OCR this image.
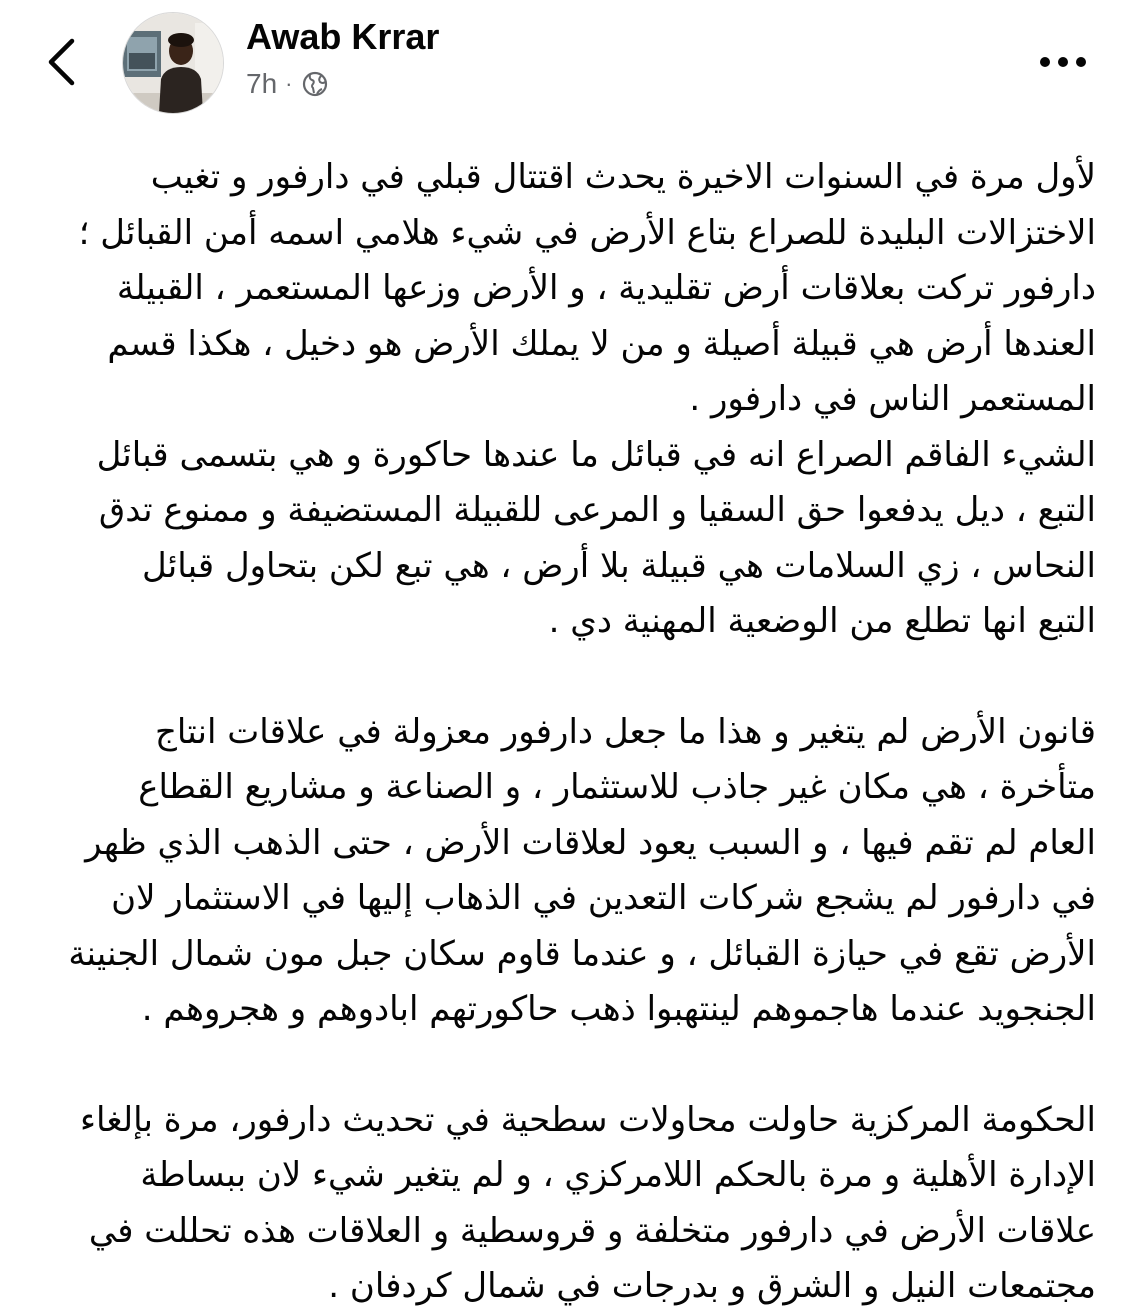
Awab Krrar
7h ·

لأول مرة في السنوات الاخيرة يحدث اقتتال قبلي في دارفور و تغيب
الاختزالات البليدة للصراع بتاع الأرض في شيء هلامي اسمه أمن القبائل ؛
دارفور تركت بعلاقات أرض تقليدية ، و الأرض وزعها المستعمر ، القبيلة
العندها أرض هي قبيلة أصيلة و من لا يملك الأرض هو دخيل ، هكذا قسم
المستعمر الناس في دارفور .
الشيء الفاقم الصراع انه في قبائل ما عندها حاكورة و هي بتسمى قبائل
التبع ، ديل يدفعوا حق السقيا و المرعى للقبيلة المستضيفة و ممنوع تدق
النحاس ، زي السلامات هي قبيلة بلا أرض ، هي تبع لكن بتحاول قبائل
التبع انها تطلع من الوضعية المهنية دي .

قانون الأرض لم يتغير و هذا ما جعل دارفور معزولة في علاقات انتاج
متأخرة ، هي مكان غير جاذب للاستثمار ، و الصناعة و مشاريع القطاع
العام لم تقم فيها ، و السبب يعود لعلاقات الأرض ، حتى الذهب الذي ظهر
في دارفور لم يشجع شركات التعدين في الذهاب إليها في الاستثمار لان
الأرض تقع في حيازة القبائل ، و عندما قاوم سكان جبل مون شمال الجنينة
الجنجويد عندما هاجموهم لينتهبوا ذهب حاكورتهم ابادوهم و هجروهم .

الحكومة المركزية حاولت محاولات سطحية في تحديث دارفور، مرة بإلغاء
الإدارة الأهلية و مرة بالحكم اللامركزي ، و لم يتغير شيء لان ببساطة
علاقات الأرض في دارفور متخلفة و قروسطية و العلاقات هذه تحللت في
مجتمعات النيل و الشرق و بدرجات في شمال كردفان .
